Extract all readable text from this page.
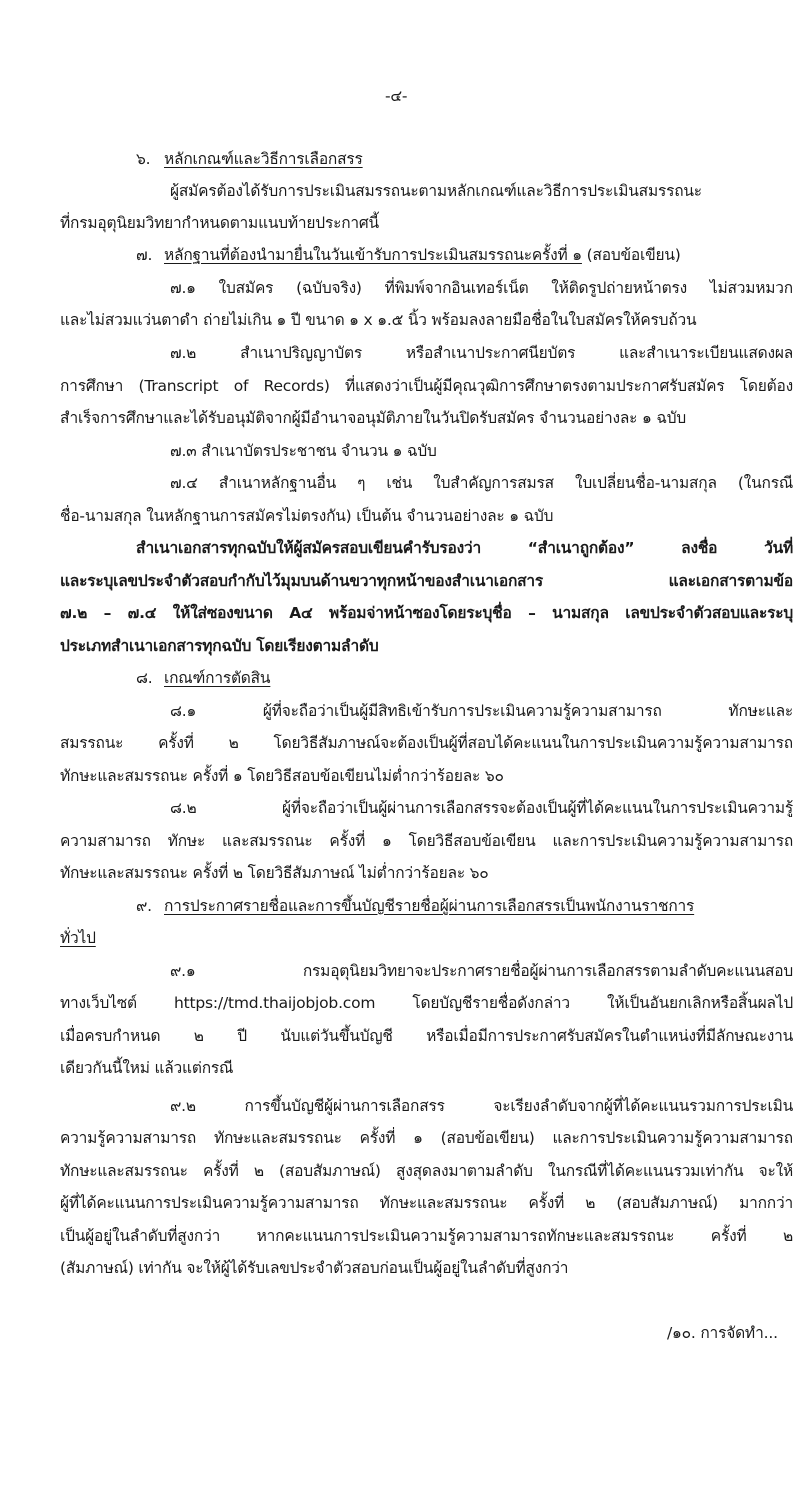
-๔-
๖. หลักเกณฑ์และวิธีการเลือกสรร
ผู้สมัครต้องได้รับการประเมินสมรรถนะตามหลักเกณฑ์และวิธีการประเมินสมรรถนะ
ที่กรมอุตุนิยมวิทยากำหนดตามแนบท้ายประกาศนี้
๗. หลักฐานที่ต้องนำมายื่นในวันเข้ารับการประเมินสมรรถนะครั้งที่ ๑ (สอบข้อเขียน)
๗.๑ ใบสมัคร (ฉบับจริง) ที่พิมพ์จากอินเทอร์เน็ต ให้ติดรูปถ่ายหน้าตรง ไม่สวมหมวก
และไม่สวมแว่นตาดำ ถ่ายไม่เกิน ๑ ปี ขนาด ๑ x ๑.๕ นิ้ว พร้อมลงลายมือชื่อในใบสมัครให้ครบถ้วน
๗.๒ สำเนาปริญญาบัตร หรือสำเนาประกาศนียบัตร และสำเนาระเบียนแสดงผล
การศึกษา (Transcript of Records) ที่แสดงว่าเป็นผู้มีคุณวุฒิการศึกษาตรงตามประกาศรับสมัคร โดยต้อง
สำเร็จการศึกษาและได้รับอนุมัติจากผู้มีอำนาจอนุมัติภายในวันปิดรับสมัคร จำนวนอย่างละ ๑ ฉบับ
๗.๓ สำเนาบัตรประชาชน จำนวน ๑ ฉบับ
๗.๔ สำเนาหลักฐานอื่น ๆ เช่น ใบสำคัญการสมรส ใบเปลี่ยนชื่อ-นามสกุล (ในกรณี
ชื่อ-นามสกุล ในหลักฐานการสมัครไม่ตรงกัน) เป็นต้น จำนวนอย่างละ ๑ ฉบับ
สำเนาเอกสารทุกฉบับให้ผู้สมัครสอบเขียนคำรับรองว่า “สำเนาถูกต้อง” ลงชื่อ วันที่
และระบุเลขประจำตัวสอบกำกับไว้มุมบนด้านขวาทุกหน้าของสำเนาเอกสาร และเอกสารตามข้อ
๗.๒ – ๗.๔ ให้ใส่ซองขนาด A๔ พร้อมจ่าหน้าซองโดยระบุชื่อ – นามสกุล เลขประจำตัวสอบและระบุ
ประเภทสำเนาเอกสารทุกฉบับ โดยเรียงตามลำดับ
๘. เกณฑ์การตัดสิน
๘.๑ ผู้ที่จะถือว่าเป็นผู้มีสิทธิเข้ารับการประเมินความรู้ความสามารถ ทักษะและ
สมรรถนะ ครั้งที่ ๒ โดยวิธีสัมภาษณ์จะต้องเป็นผู้ที่สอบได้คะแนนในการประเมินความรู้ความสามารถ
ทักษะและสมรรถนะ ครั้งที่ ๑ โดยวิธีสอบข้อเขียนไม่ต่ำกว่าร้อยละ ๖๐
๘.๒ ผู้ที่จะถือว่าเป็นผู้ผ่านการเลือกสรรจะต้องเป็นผู้ที่ได้คะแนนในการประเมินความรู้
ความสามารถ ทักษะ และสมรรถนะ ครั้งที่ ๑ โดยวิธีสอบข้อเขียน และการประเมินความรู้ความสามารถ
ทักษะและสมรรถนะ ครั้งที่ ๒ โดยวิธีสัมภาษณ์ ไม่ต่ำกว่าร้อยละ ๖๐
๙. การประกาศรายชื่อและการขึ้นบัญชีรายชื่อผู้ผ่านการเลือกสรรเป็นพนักงานราชการ
ทั่วไป
๙.๑ กรมอุตุนิยมวิทยาจะประกาศรายชื่อผู้ผ่านการเลือกสรรตามลำดับคะแนนสอบ
ทางเว็บไซต์ https://tmd.thaijobjob.com โดยบัญชีรายชื่อดังกล่าว ให้เป็นอันยกเลิกหรือสิ้นผลไป
เมื่อครบกำหนด ๒ ปี นับแต่วันขึ้นบัญชี หรือเมื่อมีการประกาศรับสมัครในตำแหน่งที่มีลักษณะงาน
เดียวกันนี้ใหม่ แล้วแต่กรณี
๙.๒ การขึ้นบัญชีผู้ผ่านการเลือกสรร จะเรียงลำดับจากผู้ที่ได้คะแนนรวมการประเมิน
ความรู้ความสามารถ ทักษะและสมรรถนะ ครั้งที่ ๑ (สอบข้อเขียน) และการประเมินความรู้ความสามารถ
ทักษะและสมรรถนะ ครั้งที่ ๒ (สอบสัมภาษณ์) สูงสุดลงมาตามลำดับ ในกรณีที่ได้คะแนนรวมเท่ากัน จะให้
ผู้ที่ได้คะแนนการประเมินความรู้ความสามารถ ทักษะและสมรรถนะ ครั้งที่ ๒ (สอบสัมภาษณ์) มากกว่า
เป็นผู้อยู่ในลำดับที่สูงกว่า หากคะแนนการประเมินความรู้ความสามารถทักษะและสมรรถนะ ครั้งที่ ๒
(สัมภาษณ์) เท่ากัน จะให้ผู้ได้รับเลขประจำตัวสอบก่อนเป็นผู้อยู่ในลำดับที่สูงกว่า
/๑๐. การจัดทำ...
